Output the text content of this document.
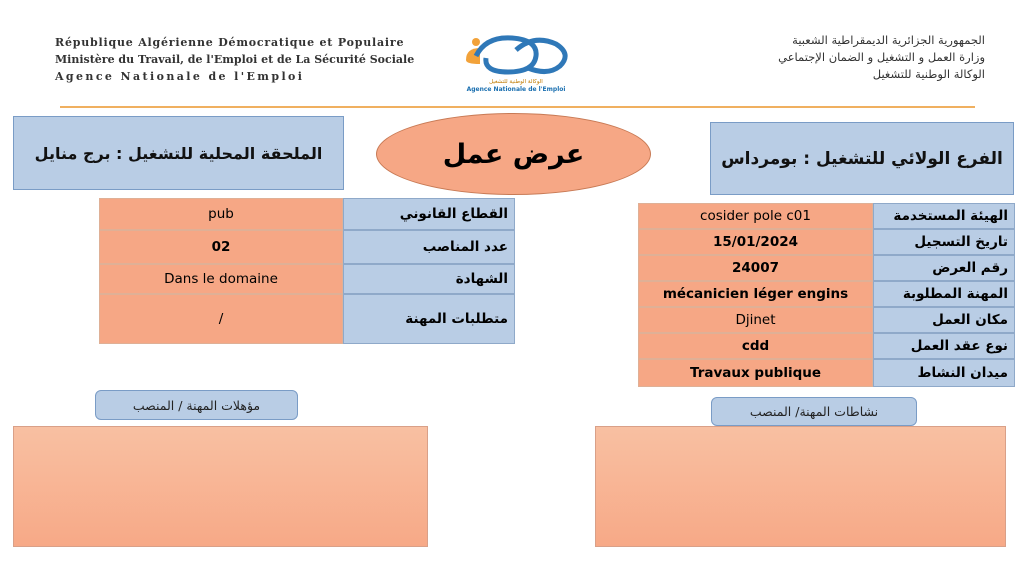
République Algérienne Démocratique et Populaire
Ministère du Travail, de l'Emploi et de La Sécurité Sociale
Agence Nationale de l'Emploi	الوكالة الوطنية للتشغيل
Agence Nationale de l'Emploi
الجمهورية الجزائرية الديمقراطية الشعبية
وزارة العمل و التشغيل و الضمان الإجتماعي
الوكالة الوطنية للتشغيل
الملحقة المحلية للتشغيل : برج منايل	عرض عمل	الفرع الولائي للتشغيل : بومرداس
القطاع القانوني
pub
عدد المناصب
02
الشهادة
Dans le domaine
متطلبات المهنة
/
الهيئة المستخدمة
cosider pole c01
تاريخ التسجيل
15/01/2024
رقم العرض
24007
المهنة المطلوبة
mécanicien léger engins
مكان العمل
Djinet
نوع عقد العمل
cdd
ميدان النشاط
Travaux publique
مؤهلات المهنة / المنصب	نشاطات المهنة/ المنصب
